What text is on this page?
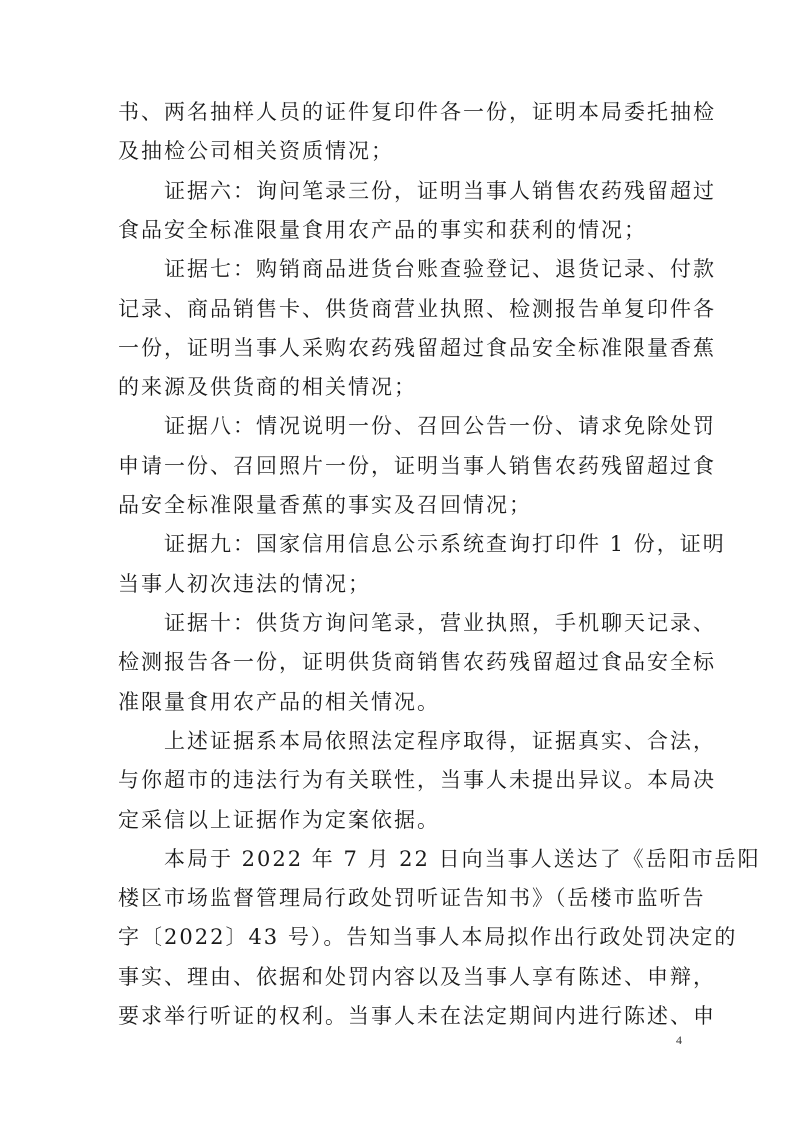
书、两名抽样人员的证件复印件各一份，证明本局委托抽检
及抽检公司相关资质情况；
　　证据六：询问笔录三份，证明当事人销售农药残留超过
食品安全标准限量食用农产品的事实和获利的情况；
　　证据七：购销商品进货台账查验登记、退货记录、付款
记录、商品销售卡、供货商营业执照、检测报告单复印件各
一份，证明当事人采购农药残留超过食品安全标准限量香蕉
的来源及供货商的相关情况；
　　证据八：情况说明一份、召回公告一份、请求免除处罚
申请一份、召回照片一份，证明当事人销售农药残留超过食
品安全标准限量香蕉的事实及召回情况；
　　证据九：国家信用信息公示系统查询打印件 1 份，证明
当事人初次违法的情况；
　　证据十：供货方询问笔录，营业执照，手机聊天记录、
检测报告各一份，证明供货商销售农药残留超过食品安全标
准限量食用农产品的相关情况。
　　上述证据系本局依照法定程序取得，证据真实、合法，
与你超市的违法行为有关联性，当事人未提出异议。本局决
定采信以上证据作为定案依据。
　　本局于 2022 年 7 月 22 日向当事人送达了《岳阳市岳阳
楼区市场监督管理局行政处罚听证告知书》（岳楼市监听告
字〔2022〕43 号）。告知当事人本局拟作出行政处罚决定的
事实、理由、依据和处罚内容以及当事人享有陈述、申辩，
要求举行听证的权利。当事人未在法定期间内进行陈述、申
4
